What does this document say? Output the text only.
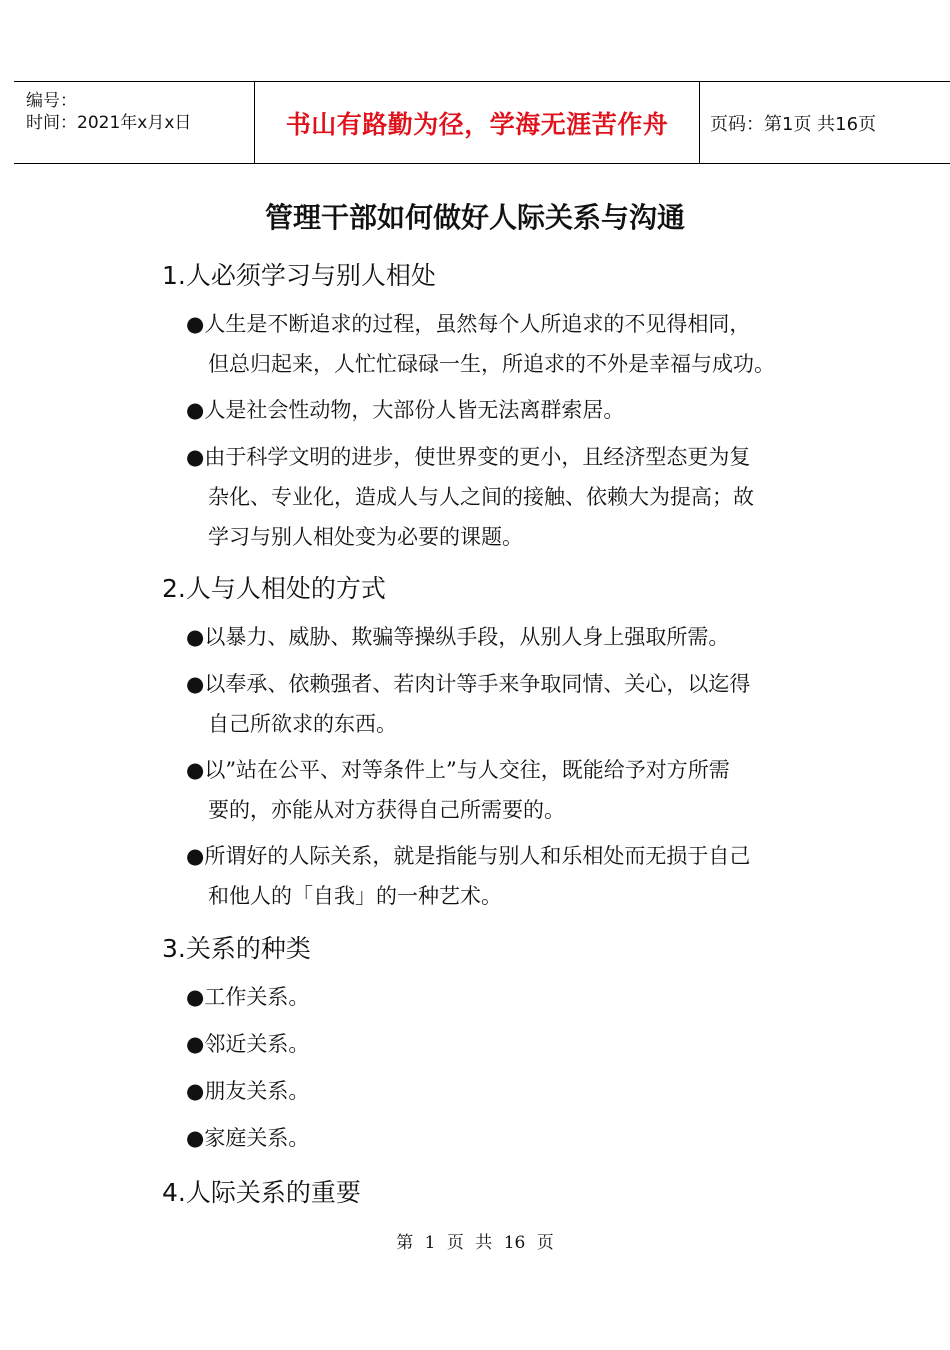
编号：
时间：2021年x月x日	书山有路勤为径，学海无涯苦作舟 页码：第1页 共16页
管理干部如何做好人际关系与沟通
1.人必须学习与别人相处
●人生是不断追求的过程，虽然每个人所追求的不见得相同，
但总归起来，人忙忙碌碌一生，所追求的不外是幸福与成功。
●人是社会性动物，大部份人皆无法离群索居。
●由于科学文明的进步，使世界变的更小，且经济型态更为复
杂化、专业化，造成人与人之间的接触、依赖大为提高；故
学习与别人相处变为必要的课题。
2.人与人相处的方式
●以暴力、威胁、欺骗等操纵手段，从别人身上强取所需。
●以奉承、依赖强者、若肉计等手来争取同情、关心，以迄得
自己所欲求的东西。
●以”站在公平、对等条件上”与人交往，既能给予对方所需
要的，亦能从对方获得自己所需要的。
●所谓好的人际关系，就是指能与别人和乐相处而无损于自己
和他人的「自我」的一种艺术。
3.关系的种类
●工作关系。
●邻近关系。
●朋友关系。
●家庭关系。
4.人际关系的重要
第 1 页 共 16 页
